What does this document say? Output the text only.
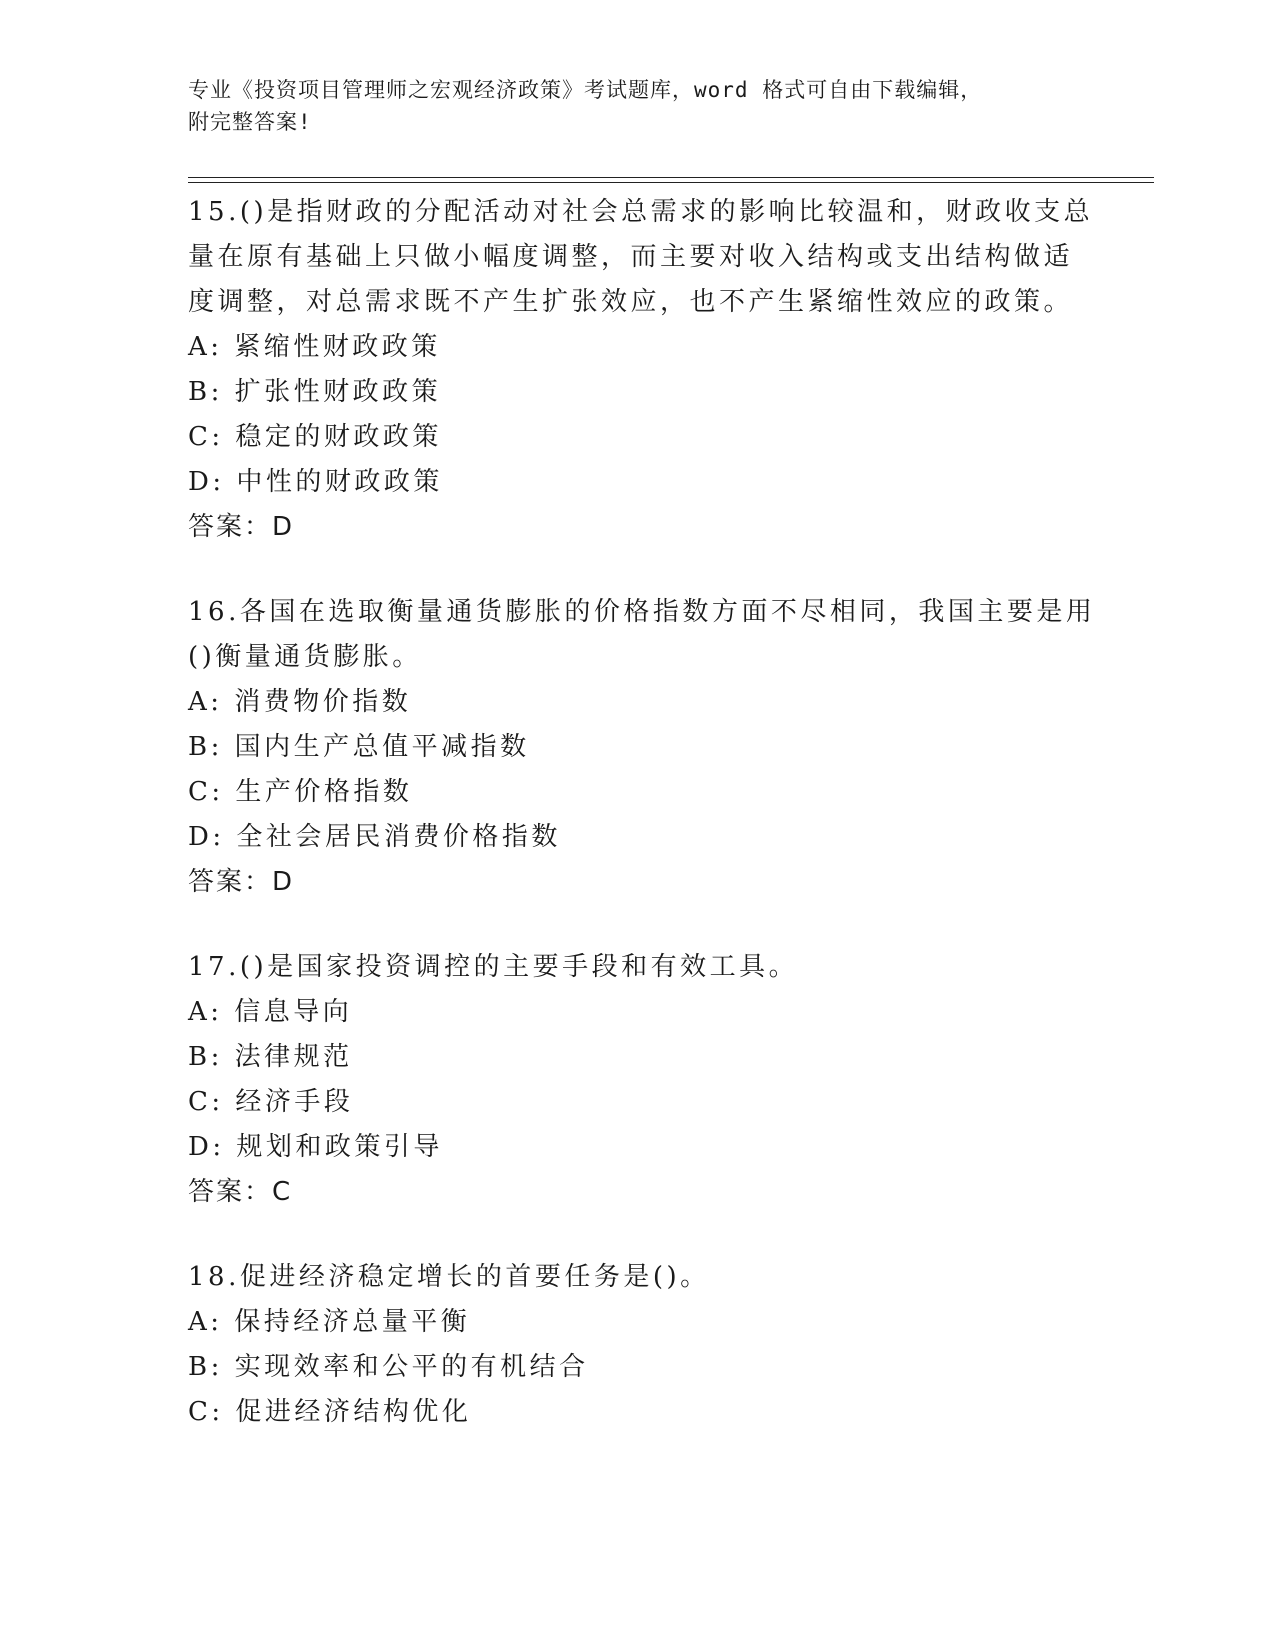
专业《投资项目管理师之宏观经济政策》考试题库，word 格式可自由下载编辑，
附完整答案!

15.()是指财政的分配活动对社会总需求的影响比较温和，财政收支总

量在原有基础上只做小幅度调整，而主要对收入结构或支出结构做适

度调整，对总需求既不产生扩张效应，也不产生紧缩性效应的政策。

A: 紧缩性财政政策

B: 扩张性财政政策

C: 稳定的财政政策

D: 中性的财政政策

答案：D

16.各国在选取衡量通货膨胀的价格指数方面不尽相同，我国主要是用

()衡量通货膨胀。

A: 消费物价指数

B: 国内生产总值平减指数

C: 生产价格指数

D: 全社会居民消费价格指数

答案：D

17.()是国家投资调控的主要手段和有效工具。

A: 信息导向

B: 法律规范

C: 经济手段

D: 规划和政策引导

答案：C

18.促进经济稳定增长的首要任务是()。

A: 保持经济总量平衡

B: 实现效率和公平的有机结合

C: 促进经济结构优化
